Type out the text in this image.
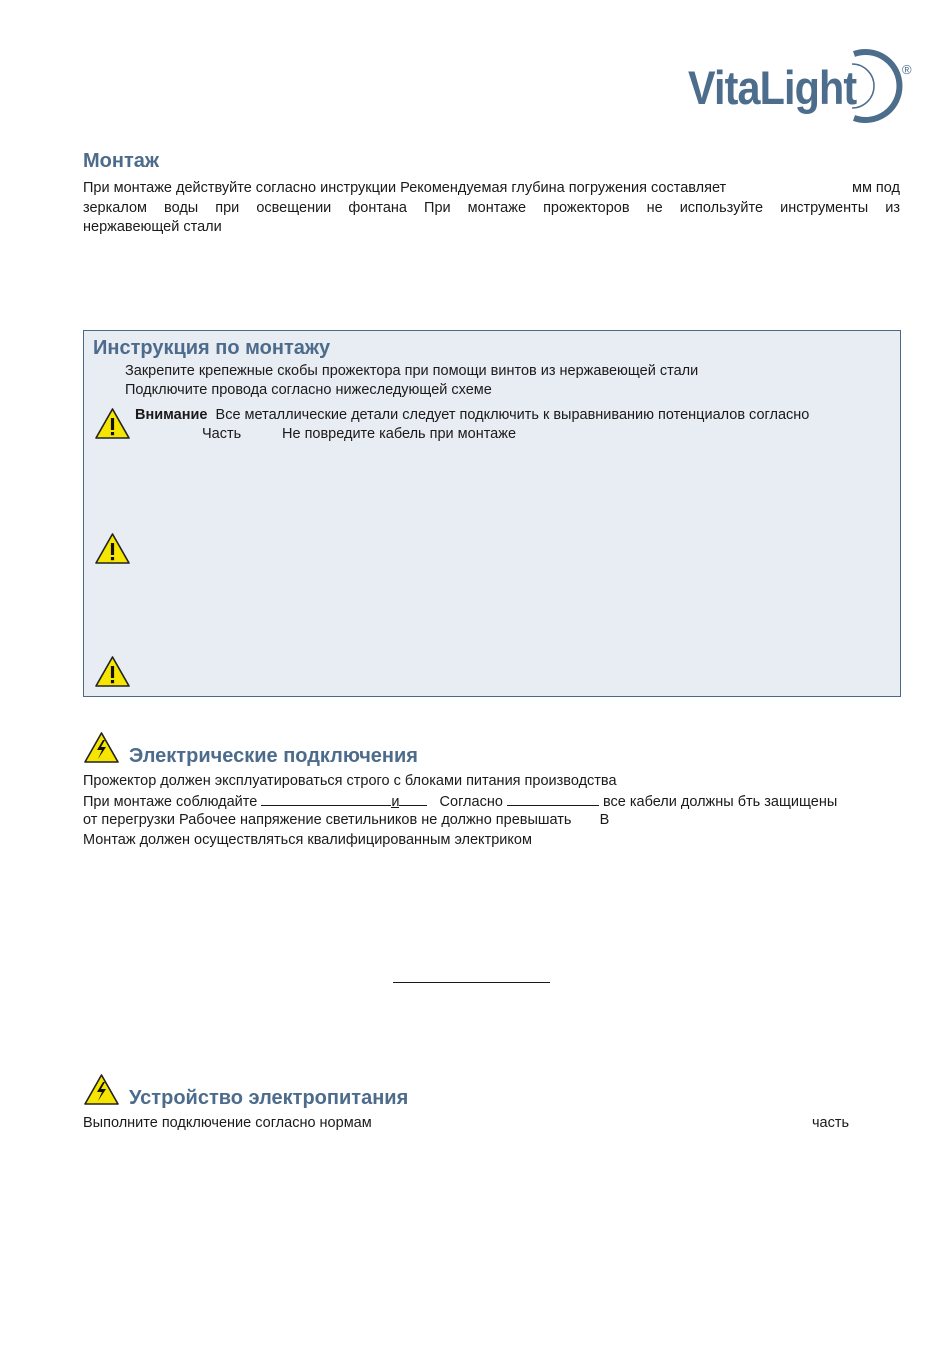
VitaLight	®
Монтаж
При монтаже действуйте согласно инструкции Рекомендуемая глубина погружения составляет	мм под
зеркалом воды при освещении фонтана При монтаже прожекторов не используйте инструменты из
нержавеющей стали
Инструкция по монтажу
Закрепите крепежные скобы прожектора при помощи винтов из нержавеющей стали
Подключите провода согласно нижеследующей схеме
Внимание Все металлические детали следует подключить к выравниванию потенциалов согласно
Часть	Не повредите кабель при монтаже
Электрические подключения
Прожектор должен эксплуатироваться строго с блоками питания производства
При монтаже соблюдайте	и	Согласно	все кабели должны бть защищены
от перегрузки Рабочее напряжение светильников не должно превышать В
Монтаж должен осуществляться квалифицированным электриком
Устройство электропитания
Выполните подключение согласно нормам	часть
